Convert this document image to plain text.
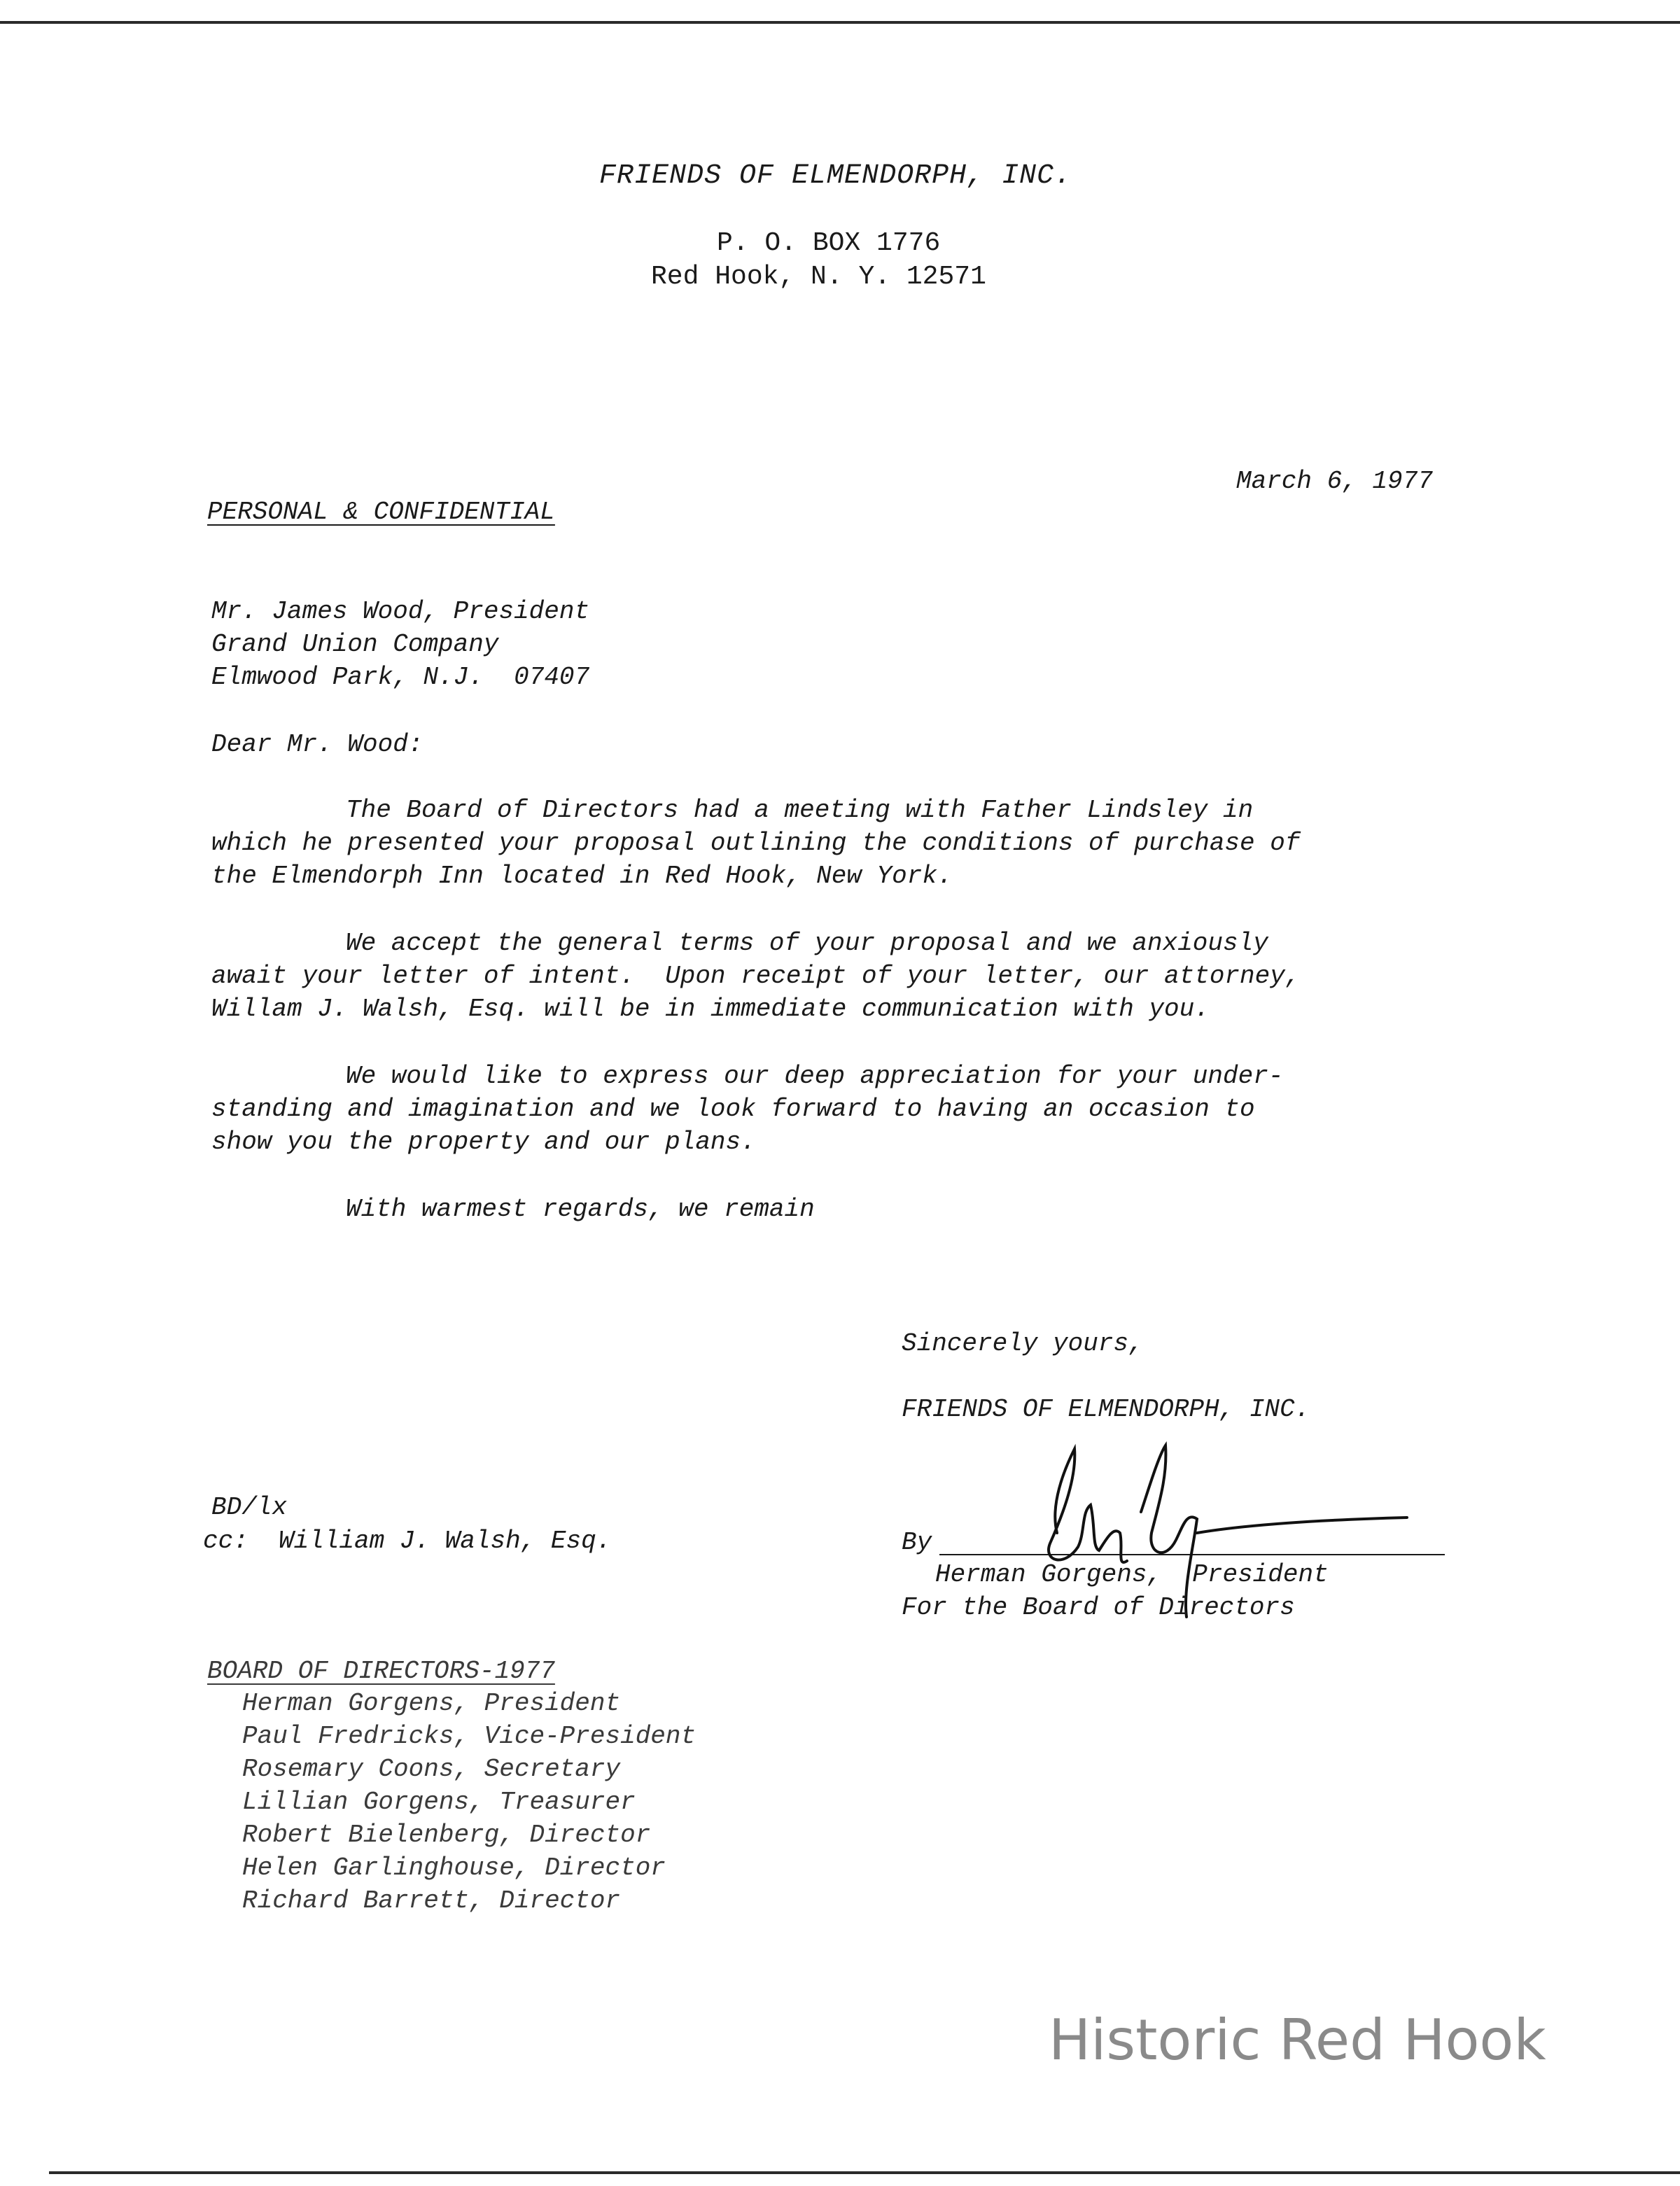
FRIENDS OF ELMENDORPH, INC.
P. O. BOX 1776
Red Hook, N. Y. 12571
March 6, 1977
PERSONAL & CONFIDENTIAL
Mr. James Wood, President
Grand Union Company
Elmwood Park, N.J.  07407
Dear Mr. Wood:
The Board of Directors had a meeting with Father Lindsley in
which he presented your proposal outlining the conditions of purchase of
the Elmendorph Inn located in Red Hook, New York.
We accept the general terms of your proposal and we anxiously
await your letter of intent.  Upon receipt of your letter, our attorney,
Willam J. Walsh, Esq. will be in immediate communication with you.
We would like to express our deep appreciation for your under-
standing and imagination and we look forward to having an occasion to
show you the property and our plans.
With warmest regards, we remain
Sincerely yours,
FRIENDS OF ELMENDORPH, INC.
By
Herman Gorgens,  President
For the Board of Directors
BD/lx
cc:  William J. Walsh, Esq.
BOARD OF DIRECTORS-1977
Herman Gorgens, President
Paul Fredricks, Vice-President
Rosemary Coons, Secretary
Lillian Gorgens, Treasurer
Robert Bielenberg, Director
Helen Garlinghouse, Director
Richard Barrett, Director
Historic Red Hook
